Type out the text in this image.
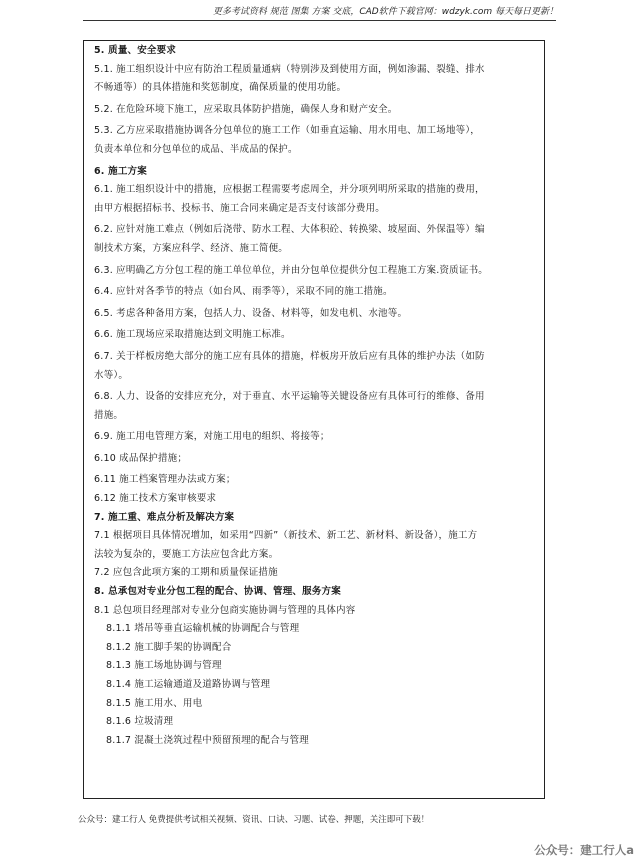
更多考试资料 规范 图集 方案 交底，CAD软件下载官网：wdzyk.com 每天每日更新！
5. 质量、安全要求
5.1. 施工组织设计中应有防治工程质量通病（特别涉及到使用方面，例如渗漏、裂缝、排水
不畅通等）的具体措施和奖惩制度，确保质量的使用功能。
5.2. 在危险环境下施工，应采取具体防护措施，确保人身和财产安全。
5.3. 乙方应采取措施协调各分包单位的施工工作（如垂直运输、用水用电、加工场地等），
负责本单位和分包单位的成品、半成品的保护。
6. 施工方案
6.1. 施工组织设计中的措施，应根据工程需要考虑周全，并分项列明所采取的措施的费用，
由甲方根据招标书、投标书、施工合同来确定是否支付该部分费用。
6.2. 应针对施工难点（例如后浇带、防水工程、大体积砼、转换梁、坡屋面、外保温等）编
制技术方案，方案应科学、经济、施工简便。
6.3. 应明确乙方分包工程的施工单位单位，并由分包单位提供分包工程施工方案.资质证书。
6.4. 应针对各季节的特点（如台风、雨季等），采取不同的施工措施。
6.5. 考虑各种备用方案，包括人力、设备、材料等，如发电机、水池等。
6.6. 施工现场应采取措施达到文明施工标准。
6.7. 关于样板房绝大部分的施工应有具体的措施，样板房开放后应有具体的维护办法（如防
水等）。
6.8. 人力、设备的安排应充分，对于垂直、水平运输等关键设备应有具体可行的维修、备用
措施。
6.9. 施工用电管理方案，对施工用电的组织、将接等；
6.10 成品保护措施；
6.11 施工档案管理办法或方案；
6.12 施工技术方案审核要求
7. 施工重、难点分析及解决方案
7.1 根据项目具体情况增加，如采用“四新”（新技术、新工艺、新材料、新设备），施工方
法较为复杂的，要施工方法应包含此方案。
7.2 应包含此项方案的工期和质量保证措施
8. 总承包对专业分包工程的配合、协调、管理、服务方案
8.1 总包项目经理部对专业分包商实施协调与管理的具体内容
8.1.1 塔吊等垂直运输机械的协调配合与管理
8.1.2 施工脚手架的协调配合
8.1.3 施工场地协调与管理
8.1.4 施工运输通道及道路协调与管理
8.1.5 施工用水、用电
8.1.6 垃圾清理
8.1.7 混凝土浇筑过程中预留预埋的配合与管理
公众号：建工行人 免费提供考试相关视频、资讯、口诀、习题、试卷、押题，关注即可下载！
公众号：建工行人a
